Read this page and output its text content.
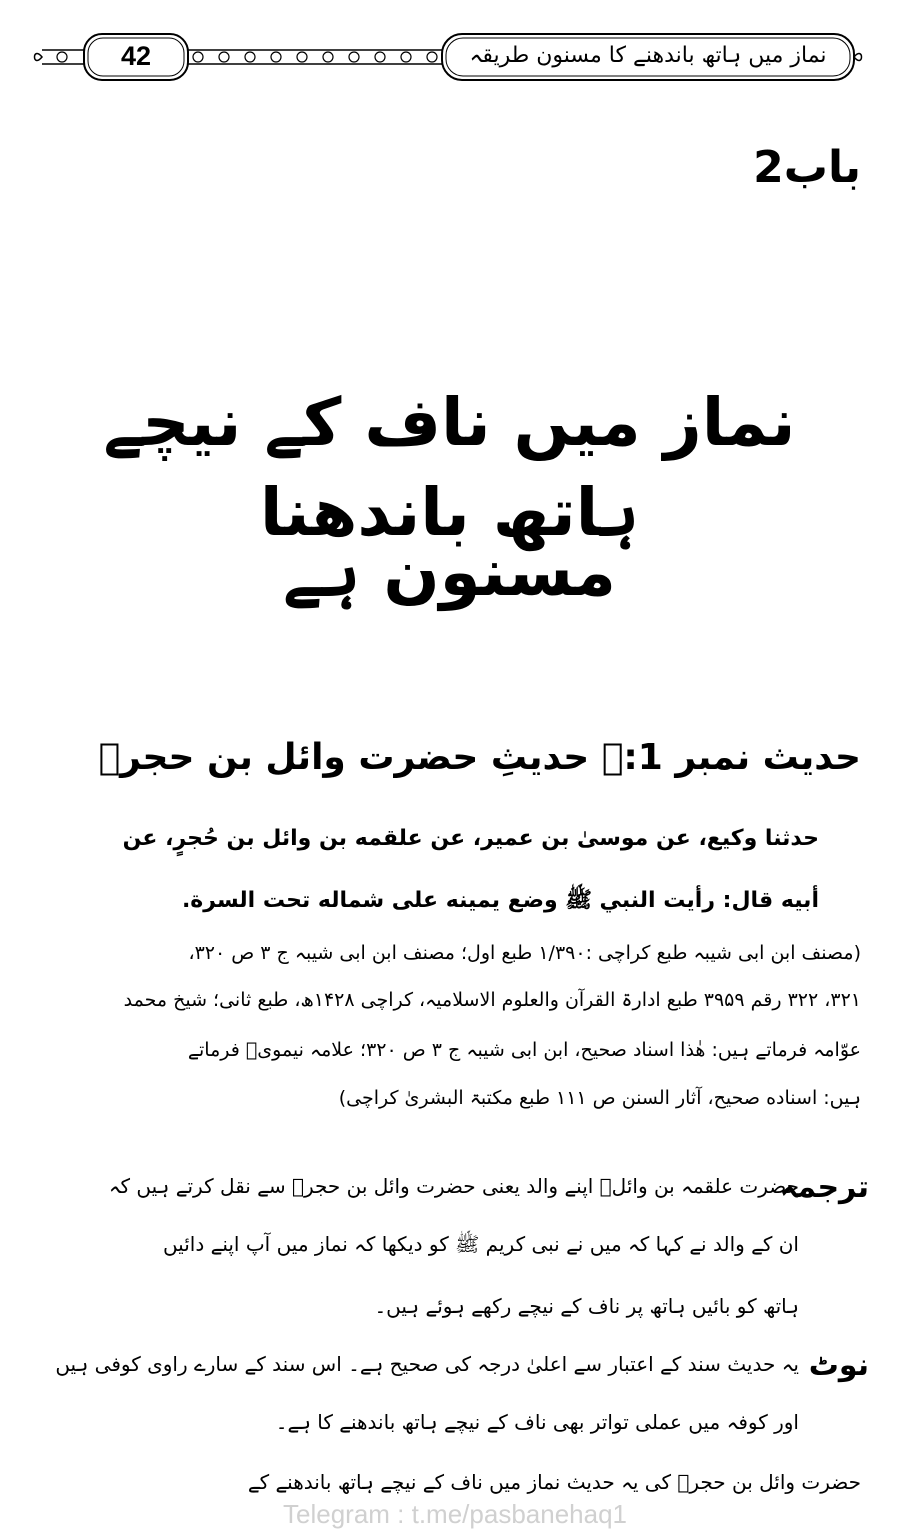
42	نماز میں ہاتھ باندھنے کا مسنون طریقہ
باب2
نماز میں ناف کے نیچے ہاتھ باندھنا
مسنون ہے
حدیث نمبر 1:۔ حدیثِ حضرت وائل بن حجرؓ
حدثنا وكيع، عن موسىٰ بن عمير، عن علقمه بن وائل بن حُجرٍ، عن
أبيه قال: رأيت النبي ﷺ وضع يمينه على شماله تحت السرة.
(مصنف ابن ابی شیبہ طبع کراچی :۱/۳۹۰ طبع اول؛ مصنف ابن ابی شیبہ ج ۳ ص ۳۲۰،
۳۲۱، ۳۲۲ رقم ۳۹۵۹ طبع ادارۃ القرآن والعلوم الاسلامیہ، کراچی ۱۴۲۸ھ، طبع ثانی؛ شیخ محمد
عوّامہ فرماتے ہیں: هٰذا اسناد صحیح، ابن ابی شیبہ ج ۳ ص ۳۲۰؛ علامہ نیمویؒ فرماتے
ہیں: اسناده صحیح، آثار السنن ص ۱۱۱ طبع مکتبۃ البشریٰ کراچی)
ترجمہ
حضرت علقمہ بن وائلؒ اپنے والد یعنی حضرت وائل بن حجرؓ سے نقل کرتے ہیں کہ
ان کے والد نے کہا کہ میں نے نبی کریم ﷺ کو دیکھا کہ نماز میں آپ اپنے دائیں
ہاتھ کو بائیں ہاتھ پر ناف کے نیچے رکھے ہوئے ہیں۔
نوٹ
یہ حدیث سند کے اعتبار سے اعلیٰ درجہ کی صحیح ہے۔ اس سند کے سارے راوی کوفی ہیں
اور کوفہ میں عملی تواتر بھی ناف کے نیچے ہاتھ باندھنے کا ہے۔
حضرت وائل بن حجرؓ کی یہ حدیث نماز میں ناف کے نیچے ہاتھ باندھنے کے
Telegram : t.me/pasbanehaq1
